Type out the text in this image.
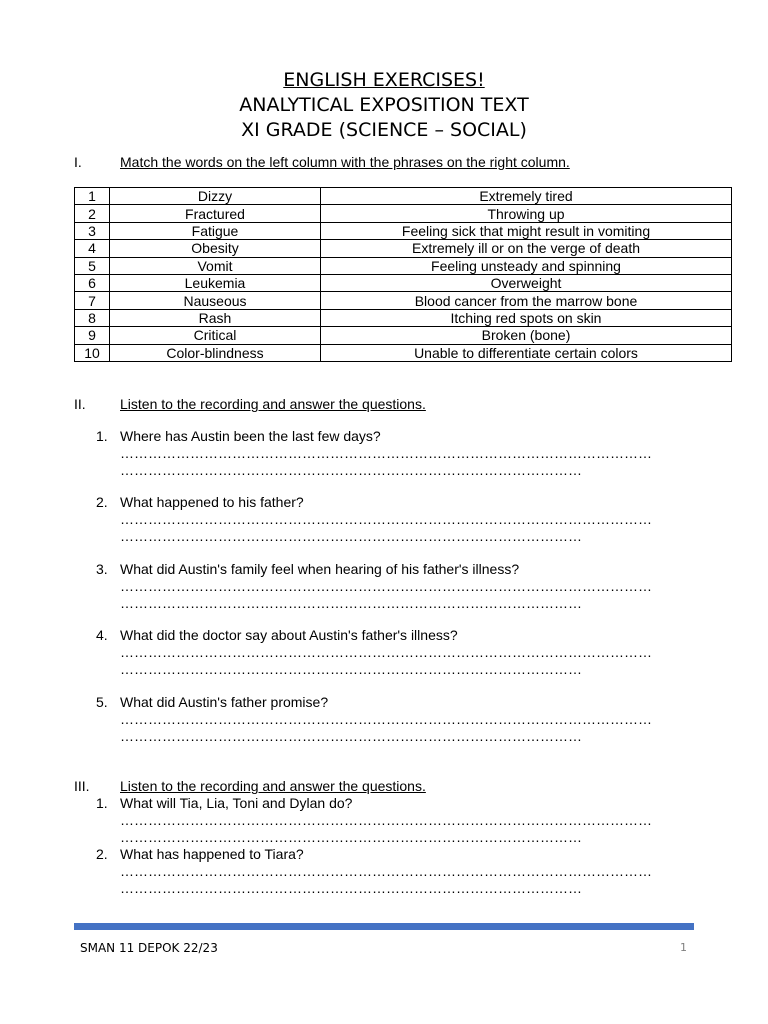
ENGLISH EXERCISES!
ANALYTICAL EXPOSITION TEXT
XI GRADE (SCIENCE – SOCIAL)
I.	Match the words on the left column with the phrases on the right column.
1	Dizzy	Extremely tired
2	Fractured	Throwing up
3	Fatigue	Feeling sick that might result in vomiting
4	Obesity	Extremely ill or on the verge of death
5	Vomit	Feeling unsteady and spinning
6	Leukemia	Overweight
7	Nauseous	Blood cancer from the marrow bone
8	Rash	Itching red spots on skin
9	Critical	Broken (bone)
10	Color-blindness	Unable to differentiate certain colors
II. Listen to the recording and answer the questions.
1. Where has Austin been the last few days?
……………………………………………………………………………………………………
………………………………………………………………………………………
2. What happened to his father?
……………………………………………………………………………………………………
………………………………………………………………………………………
3. What did Austin's family feel when hearing of his father's illness?
……………………………………………………………………………………………………
………………………………………………………………………………………
4. What did the doctor say about Austin's father's illness?
……………………………………………………………………………………………………
………………………………………………………………………………………
5. What did Austin's father promise?
……………………………………………………………………………………………………
………………………………………………………………………………………
III. Listen to the recording and answer the questions.
1. What will Tia, Lia, Toni and Dylan do?
……………………………………………………………………………………………………
………………………………………………………………………………………
2. What has happened to Tiara?
……………………………………………………………………………………………………
………………………………………………………………………………………
SMAN 11 DEPOK 22/23	1
